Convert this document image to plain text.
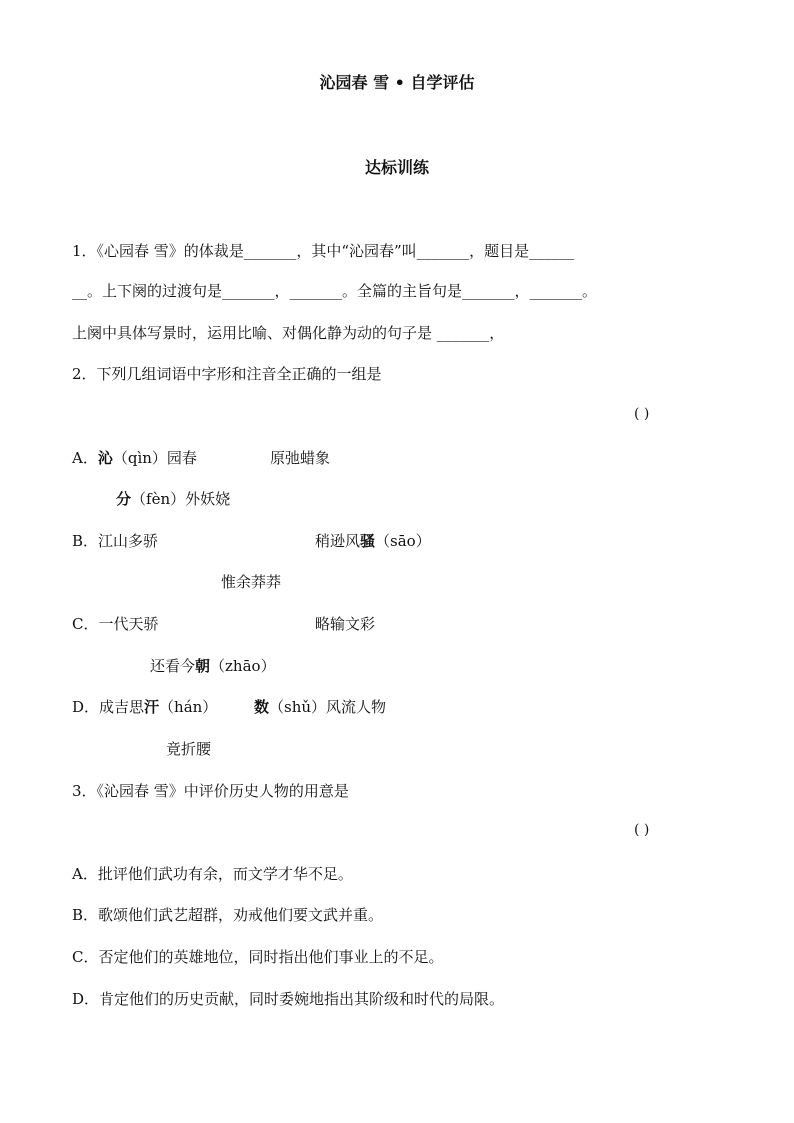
沁园春 雪 • 自学评估
达标训练
1．《心园春 雪》的体裁是_______，其中“沁园春”叫_______，题目是______
__。上下阕的过渡句是_______，_______。全篇的主旨句是_______，_______。
上阕中具体写景时，运用比喻、对偶化静为动的句子是 _______，
2．下列几组词语中字形和注音全正确的一组是
( )
A．沁（qìn）园春	原弛蜡象
分（fèn）外妖娆
B．江山多骄	稍逊风骚（sāo）
惟余莽莽
C．一代天骄	略输文彩
还看今朝（zhāo）
D．成吉思汗（hán） 数（shǔ）风流人物
竟折腰
3．《沁园春 雪》中评价历史人物的用意是
( )
A．批评他们武功有余，而文学才华不足。
B．歌颂他们武艺超群，劝戒他们要文武并重。
C．否定他们的英雄地位，同时指出他们事业上的不足。
D．肯定他们的历史贡献，同时委婉地指出其阶级和时代的局限。
